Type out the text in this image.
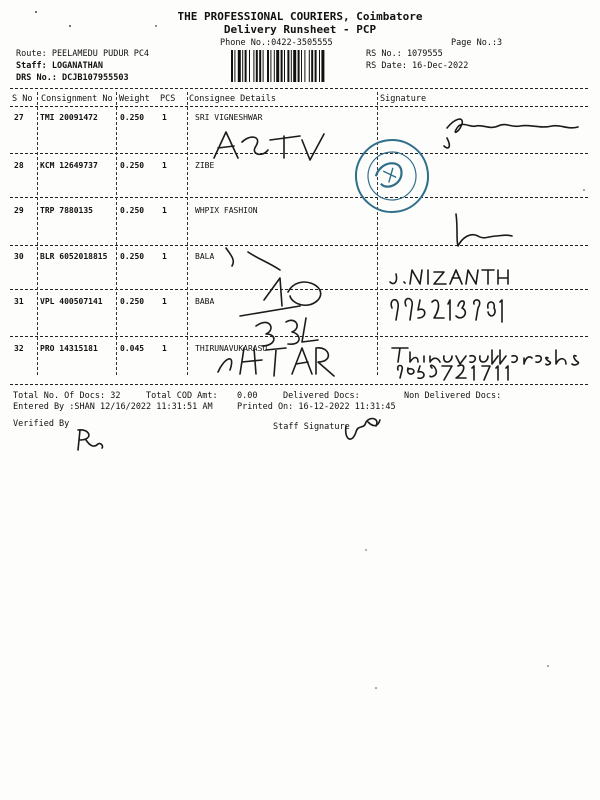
THE PROFESSIONAL COURIERS, Coimbatore
Delivery Runsheet - PCP
Phone No.:0422-3505555	Page No.:3
Route: PEELAMEDU PUDUR PC4
Staff: LOGANATHAN
DRS No.: DCJB107955503
RS No.: 1079555
RS Date: 16-Dec-2022
S No Consignment No Weight PCS Consignee Details	Signature
27 TMI 20091472	0.250 1	SRI VIGNESHWAR
28 KCM 12649737	0.250 1	ZIBE
29 TRP 7880135	0.250 1	WHPIX FASHION
30 BLR 6052018815 0.250 1	BALA
31 VPL 400507141 0.250 1	BABA
32 PRO 14315181	0.045 1	THIRUNAVUKARASU
Total No. Of Docs: 32	Total COD Amt: 0.00	Delivered Docs:	Non Delivered Docs:
Entered By :SHAN 12/16/2022 11:31:51 AM	Printed On: 16-12-2022 11:31:45
Verified By	Staff Signature
